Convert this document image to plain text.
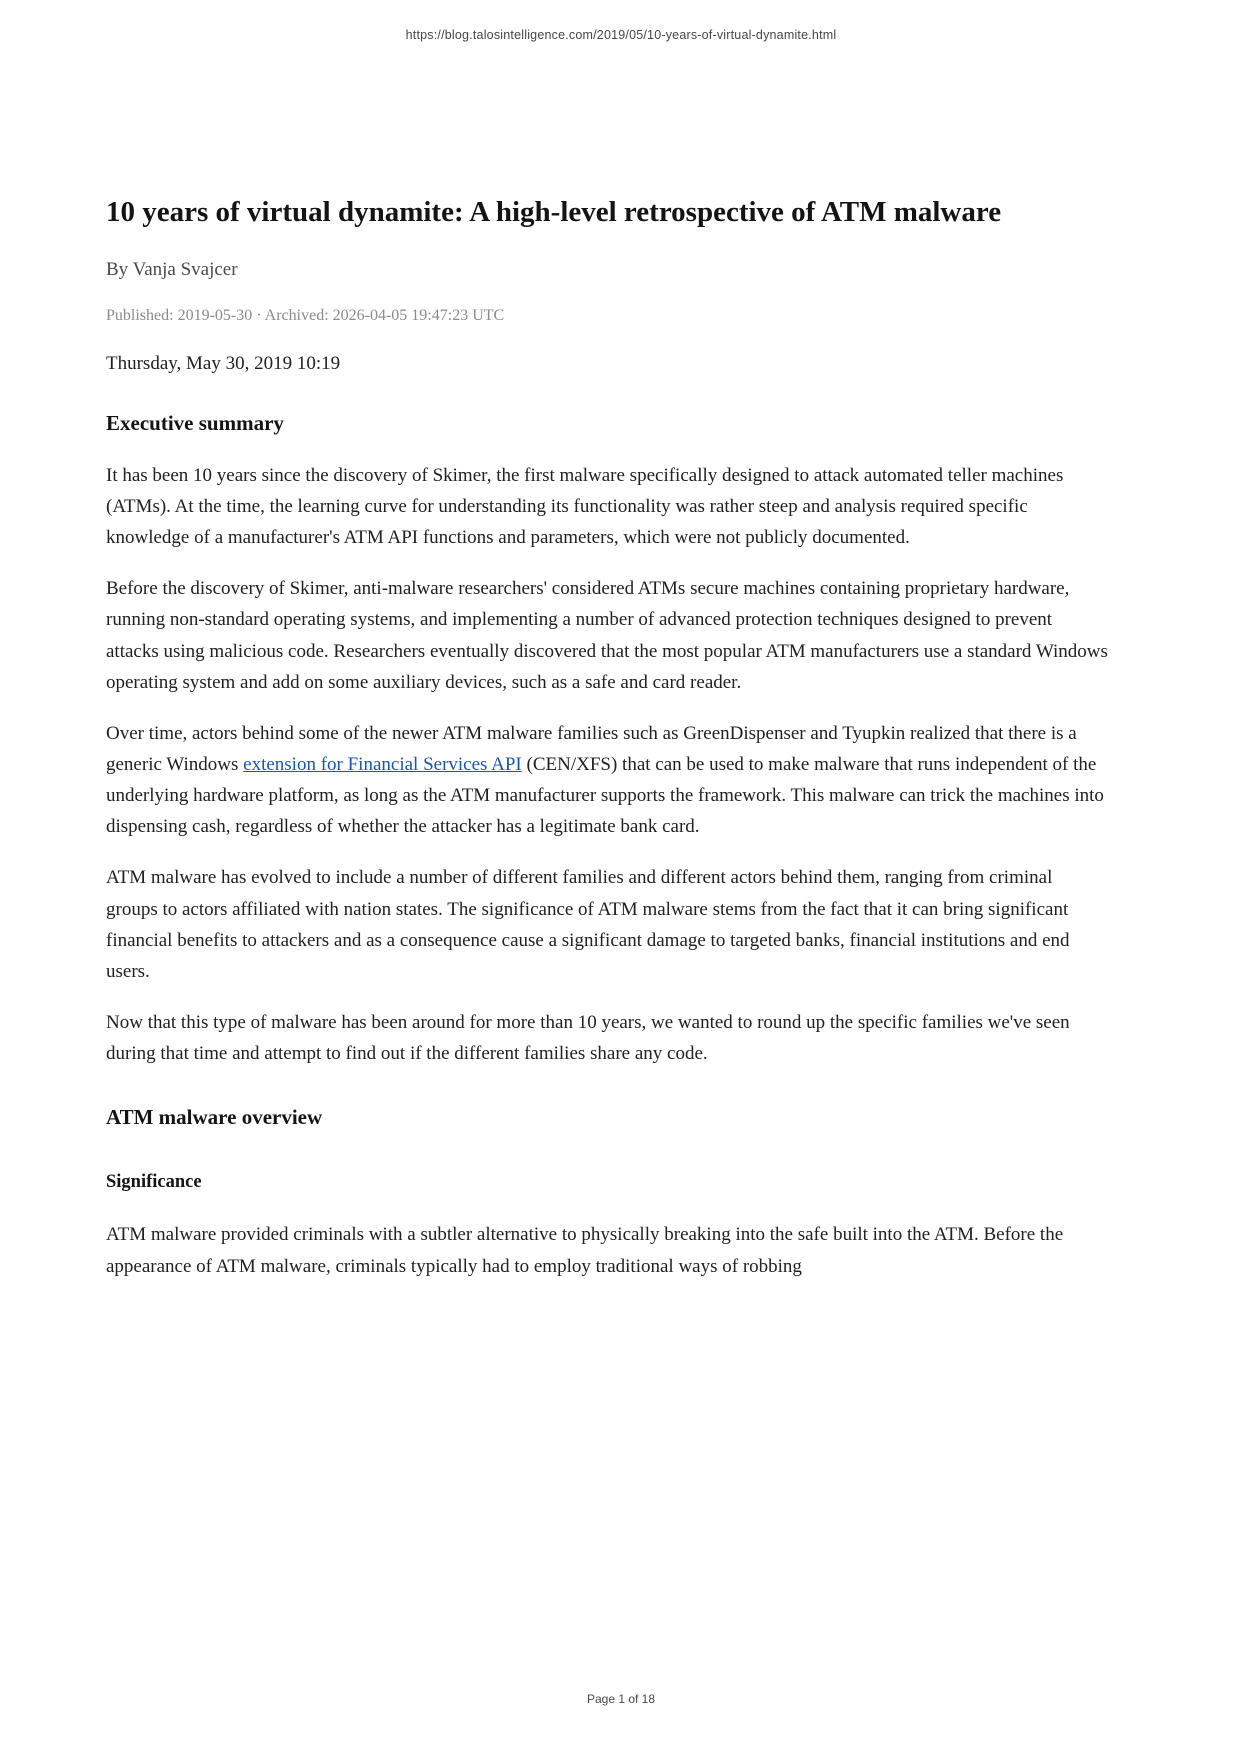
https://blog.talosintelligence.com/2019/05/10-years-of-virtual-dynamite.html
10 years of virtual dynamite: A high-level retrospective of ATM malware
By Vanja Svajcer
Published: 2019-05-30 · Archived: 2026-04-05 19:47:23 UTC
Thursday, May 30, 2019 10:19
Executive summary

It has been 10 years since the discovery of Skimer, the first malware specifically designed to attack automated teller machines (ATMs). At the time, the learning curve for understanding its functionality was rather steep and analysis required specific knowledge of a manufacturer's ATM API functions and parameters, which were not publicly documented.

Before the discovery of Skimer, anti-malware researchers' considered ATMs secure machines containing proprietary hardware, running non-standard operating systems, and implementing a number of advanced protection techniques designed to prevent attacks using malicious code. Researchers eventually discovered that the most popular ATM manufacturers use a standard Windows operating system and add on some auxiliary devices, such as a safe and card reader.

Over time, actors behind some of the newer ATM malware families such as GreenDispenser and Tyupkin realized that there is a generic Windows extension for Financial Services API (CEN/XFS) that can be used to make malware that runs independent of the underlying hardware platform, as long as the ATM manufacturer supports the framework. This malware can trick the machines into dispensing cash, regardless of whether the attacker has a legitimate bank card.

ATM malware has evolved to include a number of different families and different actors behind them, ranging from criminal groups to actors affiliated with nation states. The significance of ATM malware stems from the fact that it can bring significant financial benefits to attackers and as a consequence cause a significant damage to targeted banks, financial institutions and end users.

Now that this type of malware has been around for more than 10 years, we wanted to round up the specific families we've seen during that time and attempt to find out if the different families share any code.

ATM malware overview
Significance

ATM malware provided criminals with a subtler alternative to physically breaking into the safe built into the ATM. Before the appearance of ATM malware, criminals typically had to employ traditional ways of robbing

Page 1 of 18
